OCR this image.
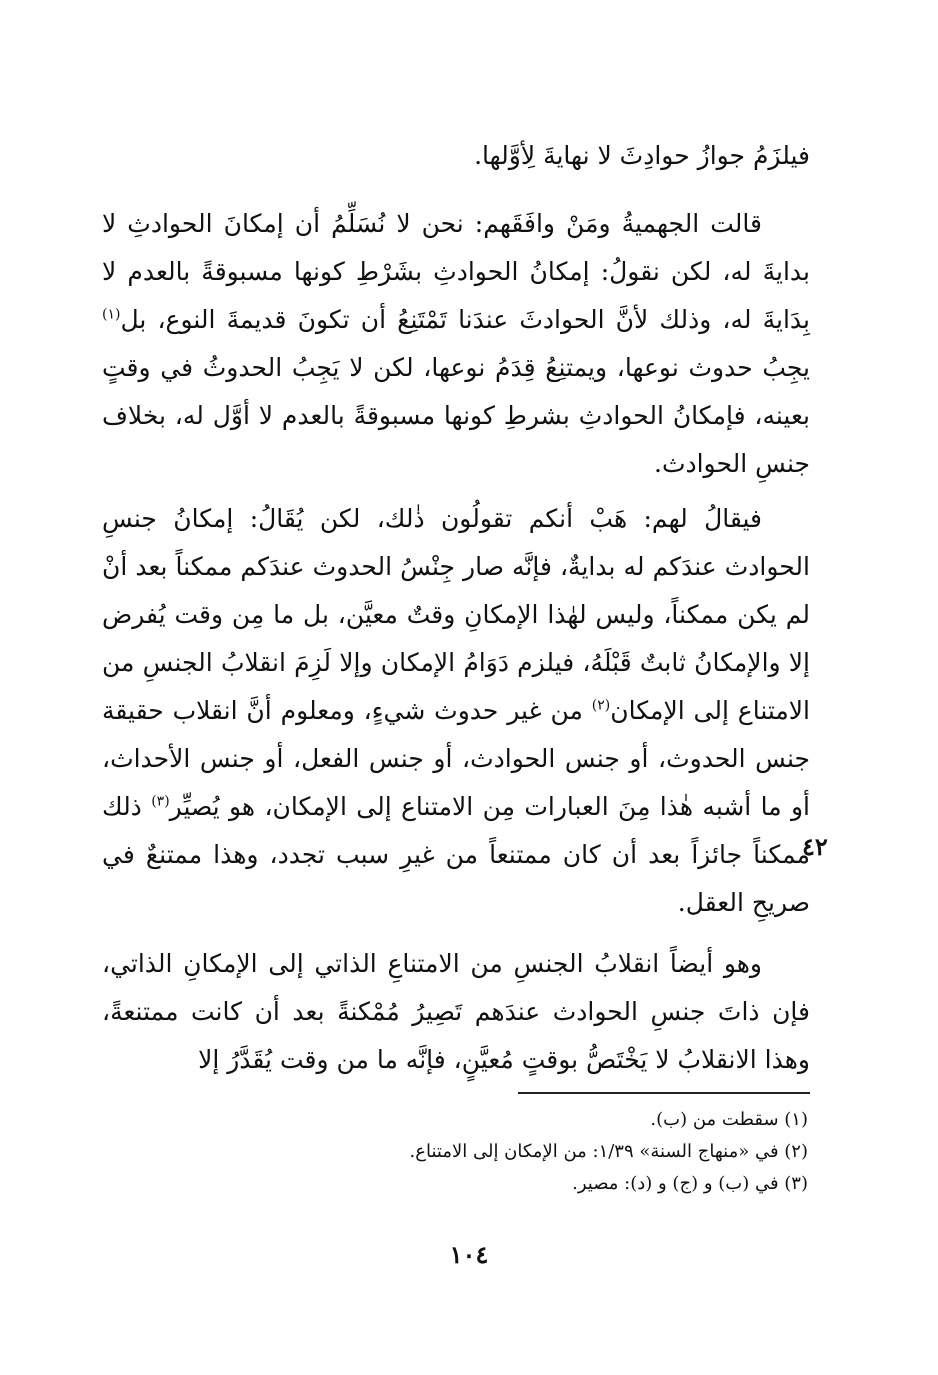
فيلزَمُ جوازُ حوادِثَ لا نهايةَ لِأوَّلها.

قالت الجهميةُ ومَنْ وافَقَهم: نحن لا نُسَلِّمُ أن إمكانَ الحوادثِ لا بدايةَ له، لكن نقولُ: إمكانُ الحوادثِ بشَرْطِ كونها مسبوقةً بالعدم لا بِدَايةَ له، وذلك لأنَّ الحوادثَ عندَنا تَمْتَنِعُ أن تكونَ قديمةَ النوع، بل$^{(١)}$ يجِبُ حدوث نوعها، ويمتنِعُ قِدَمُ نوعها، لكن لا يَجِبُ الحدوثُ في وقتٍ بعينه، فإمكانُ الحوادثِ بشرطِ كونها مسبوقةً بالعدم لا أوَّل له، بخلاف جنسِ الحوادث.

فيقالُ لهم: هَبْ أنكم تقولُون ذٰلك، لكن يُقَالُ: إمكانُ جنسِ الحوادث عندَكم له بدايةٌ، فإنَّه صار جِنْسُ الحدوث عندَكم ممكناً بعد أنْ لم يكن ممكناً، وليس لهٰذا الإمكانِ وقتٌ معيَّن، بل ما مِن وقت يُفرض إلا والإمكانُ ثابتٌ قَبْلَهُ، فيلزم دَوَامُ الإمكان وإلا لَزِمَ انقلابُ الجنسِ من الامتناع إلى الإمكان$^{(٢)}$ من غير حدوث شيءٍ، ومعلوم أنَّ انقلاب حقيقة جنس الحدوث، أو جنس الحوادث، أو جنس الفعل، أو جنس الأحداث، أو ما أشبه هٰذا مِنَ العبارات مِن الامتناع إلى الإمكان، هو يُصيِّر$^{(٣)}$ ذلك ممكناً جائزاً بعد أن كان ممتنعاً من غيرِ سبب تجدد، وهذا ممتنعٌ في صريحِ العقل.

٤٢

وهو أيضاً انقلابُ الجنسِ من الامتناعِ الذاتي إلى الإمكانِ الذاتي، فإن ذاتَ جنسِ الحوادث عندَهم تَصِيرُ مُمْكنةً بعد أن كانت ممتنعةً، وهذا الانقلابُ لا يَخْتَصُّ بوقتٍ مُعيَّنٍ، فإنَّه ما من وقت يُقَدَّرُ إلا

(١) سقطت من (ب).

(٢) في «منهاج السنة» ١/٣٩: من الإمكان إلى الامتناع.

(٣) في (ب) و (ج) و (د): مصير.

١٠٤
